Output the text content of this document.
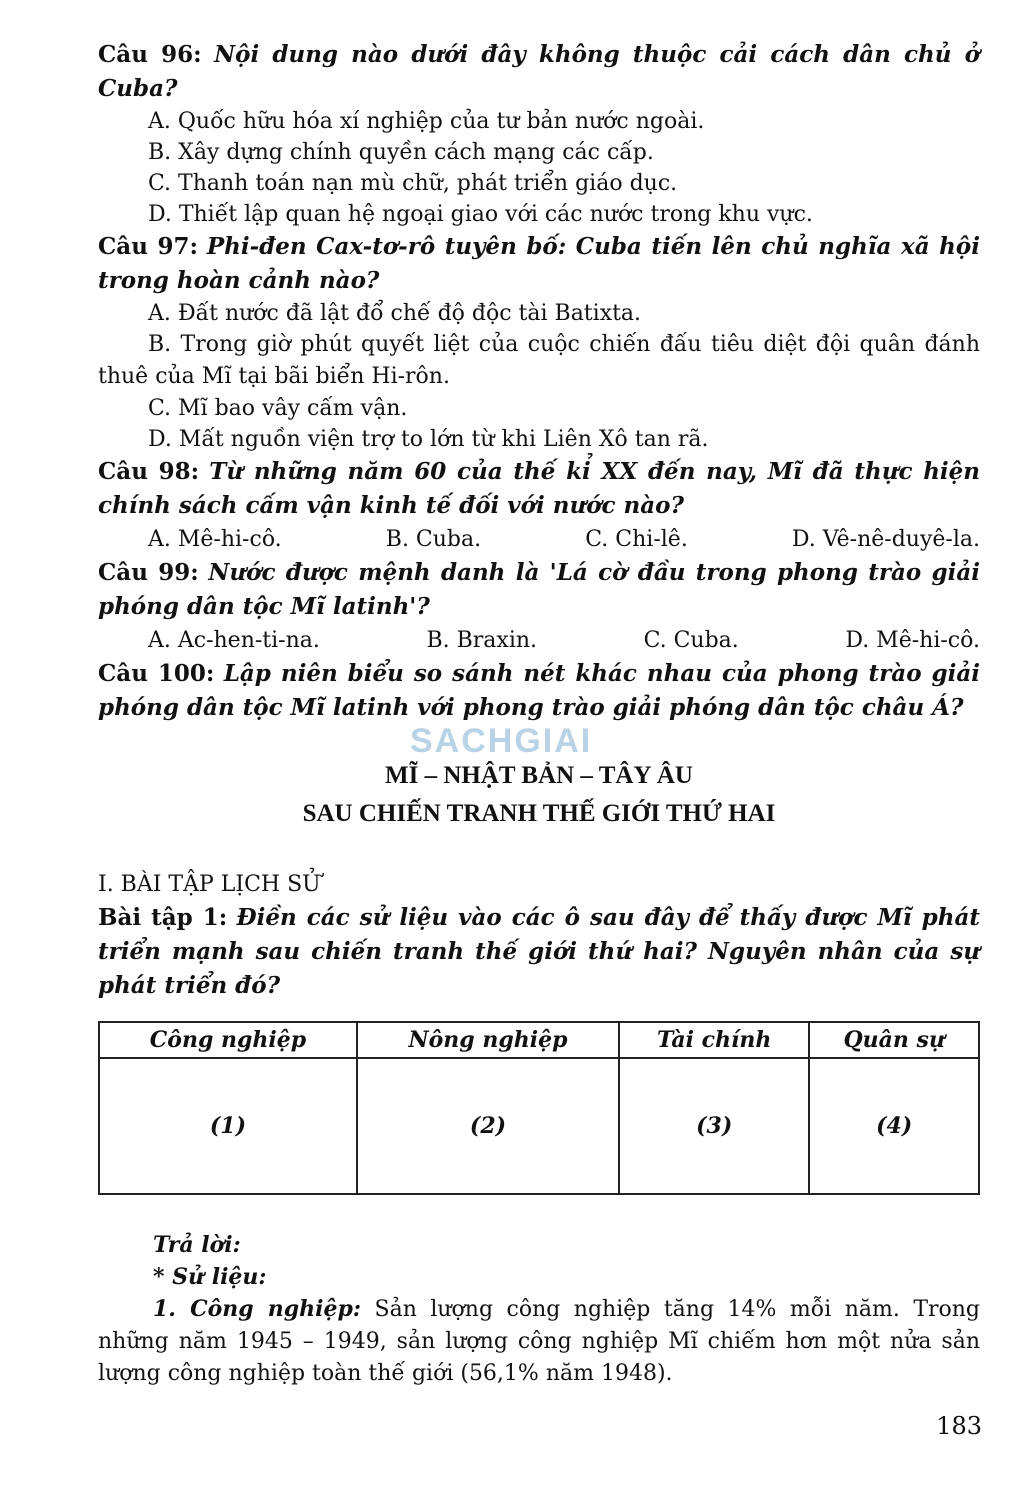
Câu 96: Nội dung nào dưới đây không thuộc cải cách dân chủ ở Cuba?

A. Quốc hữu hóa xí nghiệp của tư bản nước ngoài.

B. Xây dựng chính quyền cách mạng các cấp.

C. Thanh toán nạn mù chữ, phát triển giáo dục.

D. Thiết lập quan hệ ngoại giao với các nước trong khu vực.

Câu 97: Phi-đen Cax-tơ-rô tuyên bố: Cuba tiến lên chủ nghĩa xã hội trong hoàn cảnh nào?

A. Đất nước đã lật đổ chế độ độc tài Batixta.

B. Trong giờ phút quyết liệt của cuộc chiến đấu tiêu diệt đội quân đánh thuê của Mĩ tại bãi biển Hi-rôn.

C. Mĩ bao vây cấm vận.

D. Mất nguồn viện trợ to lớn từ khi Liên Xô tan rã.

Câu 98: Từ những năm 60 của thế kỉ XX đến nay, Mĩ đã thực hiện chính sách cấm vận kinh tế đối với nước nào?

A. Mê-hi-cô.	B. Cuba.	C. Chi-lê.	D. Vê-nê-duyê-la.

Câu 99: Nước được mệnh danh là 'Lá cờ đầu trong phong trào giải phóng dân tộc Mĩ latinh'?

A. Ac-hen-ti-na.	B. Braxin.	C. Cuba.	D. Mê-hi-cô.

Câu 100: Lập niên biểu so sánh nét khác nhau của phong trào giải phóng dân tộc Mĩ latinh với phong trào giải phóng dân tộc châu Á?

MĨ – NHẬT BẢN – TÂY ÂU

SAU CHIẾN TRANH THẾ GIỚI THỨ HAI

I. BÀI TẬP LỊCH SỬ

Bài tập 1: Điền các sử liệu vào các ô sau đây để thấy được Mĩ phát triển mạnh sau chiến tranh thế giới thứ hai? Nguyên nhân của sự phát triển đó?

Công nghiệp	Nông nghiệp	Tài chính	Quân sự
(1)	(2)	(3)	(4)

Trả lời:

* Sử liệu:

1. Công nghiệp: Sản lượng công nghiệp tăng 14% mỗi năm. Trong những năm 1945 – 1949, sản lượng công nghiệp Mĩ chiếm hơn một nửa sản lượng công nghiệp toàn thế giới (56,1% năm 1948).

SACHGIAI
183
